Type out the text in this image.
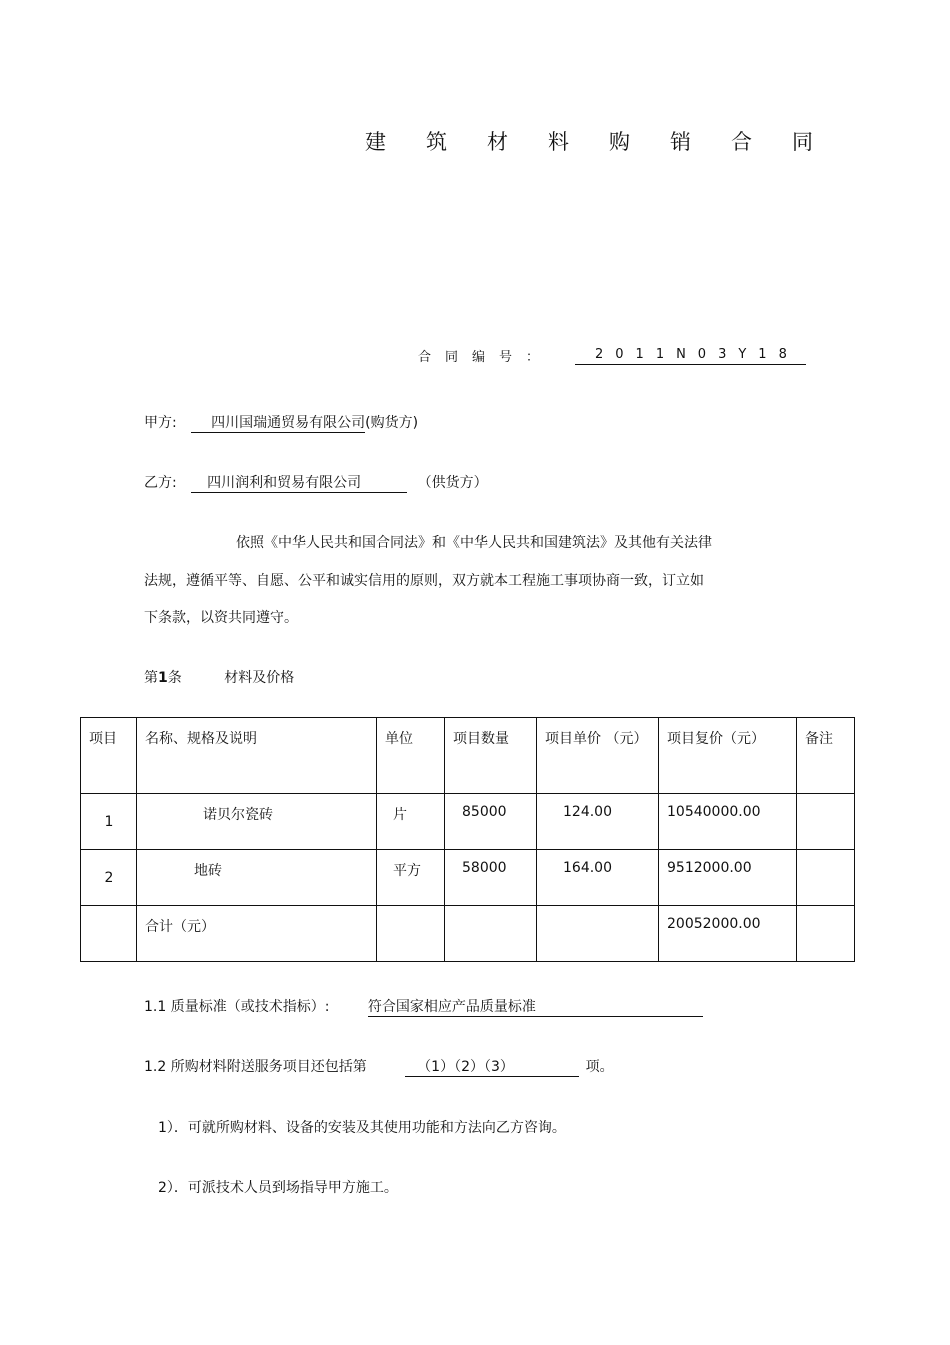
建筑材料购销合同
合同编号：	2011N03Y18
甲方: 四川国瑞通贸易有限公司(购货方)
乙方: 四川润利和贸易有限公司	（供货方）
依照《中华人民共和国合同法》和《中华人民共和国建筑法》及其他有关法律
法规，遵循平等、自愿、公平和诚实信用的原则，双方就本工程施工事项协商一致，订立如
下条款，以资共同遵守。
第1条	材料及价格
项目	名称、规格及说明	单位	项目数量	项目单价 （元）	项目复价（元）	备注

1	诺贝尔瓷砖	片	85000	124.00	10540000.00	

2	地砖	平方	58000	164.00	9512000.00	

	合计（元）				20052000.00	

1.1 质量标准（或技术指标）:	符合国家相应产品质量标准
1.2 所购材料附送服务项目还包括第	（1）（2）（3）	项。
1）．可就所购材料、设备的安装及其使用功能和方法向乙方咨询。
2）．可派技术人员到场指导甲方施工。
